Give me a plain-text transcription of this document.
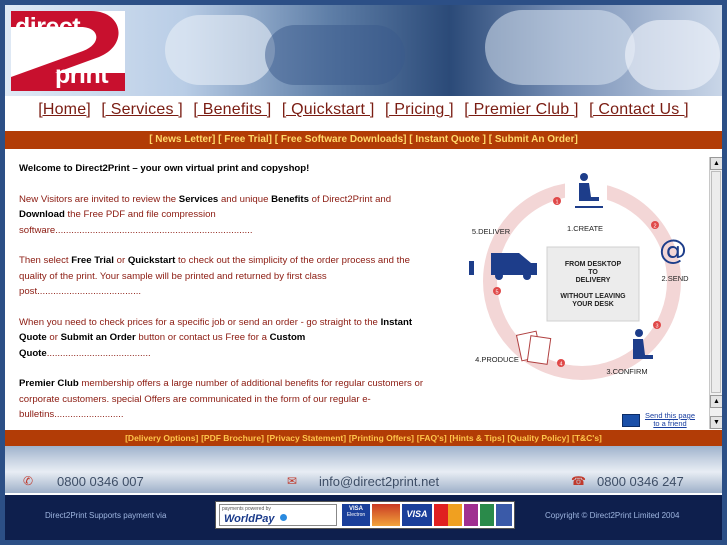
direct
print
[Home] [ Services ] [ Benefits ] [ Quickstart ] [ Pricing ] [ Premier Club ] [ Contact Us ]
[ News Letter] [ Free Trial] [ Free Software Downloads] [ Instant Quote ] [ Submit An Order]

Welcome to Direct2Print – your own virtual print and copyshop!

New Visitors are invited to review the Services and unique Benefits of Direct2Print and Download the Free PDF and file compression software..........................................................................

Then select Free Trial or Quickstart to check out the simplicity of the order process and the quality of the print. Your sample will be printed and returned by first class post.......................................

When you need to check prices for a specific job or send an order - go straight to the Instant Quote or Submit an Order button or contact us Free for a Custom Quote.......................................

Premier Club membership offers a large number of additional benefits for regular customers or corporate customers. special Offers are communicated in the form of our regular e-bulletins..........................

FROM DESKTOP
TO
DELIVERY
WITHOUT LEAVING
YOUR DESK
1.CREATE
@
2.SEND
3.CONFIRM
4.PRODUCE
5.DELIVER
1
2
3
4
5
▲
▲
▼
Send this page
to a friend
[Delivery Options] [PDF Brochure] [Privacy Statement] [Printing Offers] [FAQ's] [Hints & Tips] [Quality Policy] [T&C's]
✆ 0800 0346 007	✉ info@direct2print.net	☎ 0800 0346 247
Direct2Print Supports payment via
payments powered by
WorldPay
VISA
Electron	VISA	Copyright © Direct2Print Limited 2004
